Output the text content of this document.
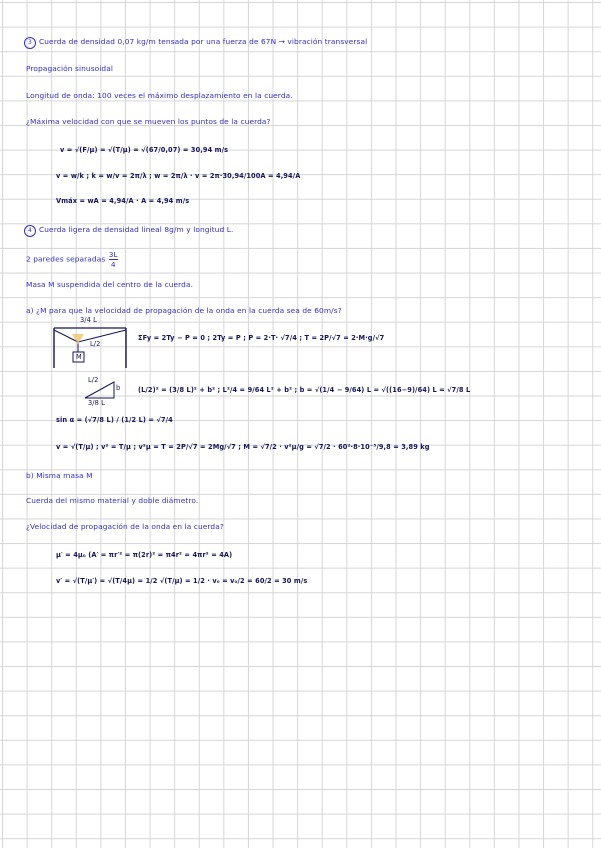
3 Cuerda de densidad 0,07 kg/m tensada por una fuerza de 67N → vibración transversal
Propagación sinusoidal
Longitud de onda: 100 veces el máximo desplazamiento en la cuerda.
¿Máxima velocidad con que se mueven los puntos de la cuerda?
v = √(F/μ) = √(T/μ) = √(67/0,07) = 30,94 m/s
v = w/k ; k = w/v = 2π/λ ; w = 2π/λ · v = 2π·30,94/100A = 4,94/A
Vmáx = wA = 4,94/A · A = 4,94 m/s
4 Cuerda ligera de densidad lineal 8g/m y longitud L.
2 paredes separadas $\frac{3L}{4}$
Masa M suspendida del centro de la cuerda.
a) ¿M para que la velocidad de propagación de la onda en la cuerda sea de 60m/s?
3/4 L
L/2
M
ΣFy = 2Ty − P = 0 ; 2Ty = P ; P = 2·T· √7/4 ; T = 2P/√7 = 2·M·g/√7
L/2
3/8 L
b	(L/2)² = (3/8 L)² + b² ; L²/4 = 9/64 L² + b² ; b = √(1/4 − 9/64) L = √((16−9)/64) L = √7/8 L
sin α = (√7/8 L) / (1/2 L) = √7/4
v = √(T/μ) ; v² = T/μ ; v²μ = T = 2P/√7 = 2Mg/√7 ; M = √7/2 · v²μ/g = √7/2 · 60²·8·10⁻³/9,8 = 3,89 kg
b) Misma masa M
Cuerda del mismo material y doble diámetro.
¿Velocidad de propagación de la onda en la cuerda?
μ′ = 4μ₀ (A′ = πr′² = π(2r)² = π4r² = 4πr² = 4A)
v′ = √(T/μ′) = √(T/4μ) = 1/2 √(T/μ) = 1/2 · v₀ = v₀/2 = 60/2 = 30 m/s
